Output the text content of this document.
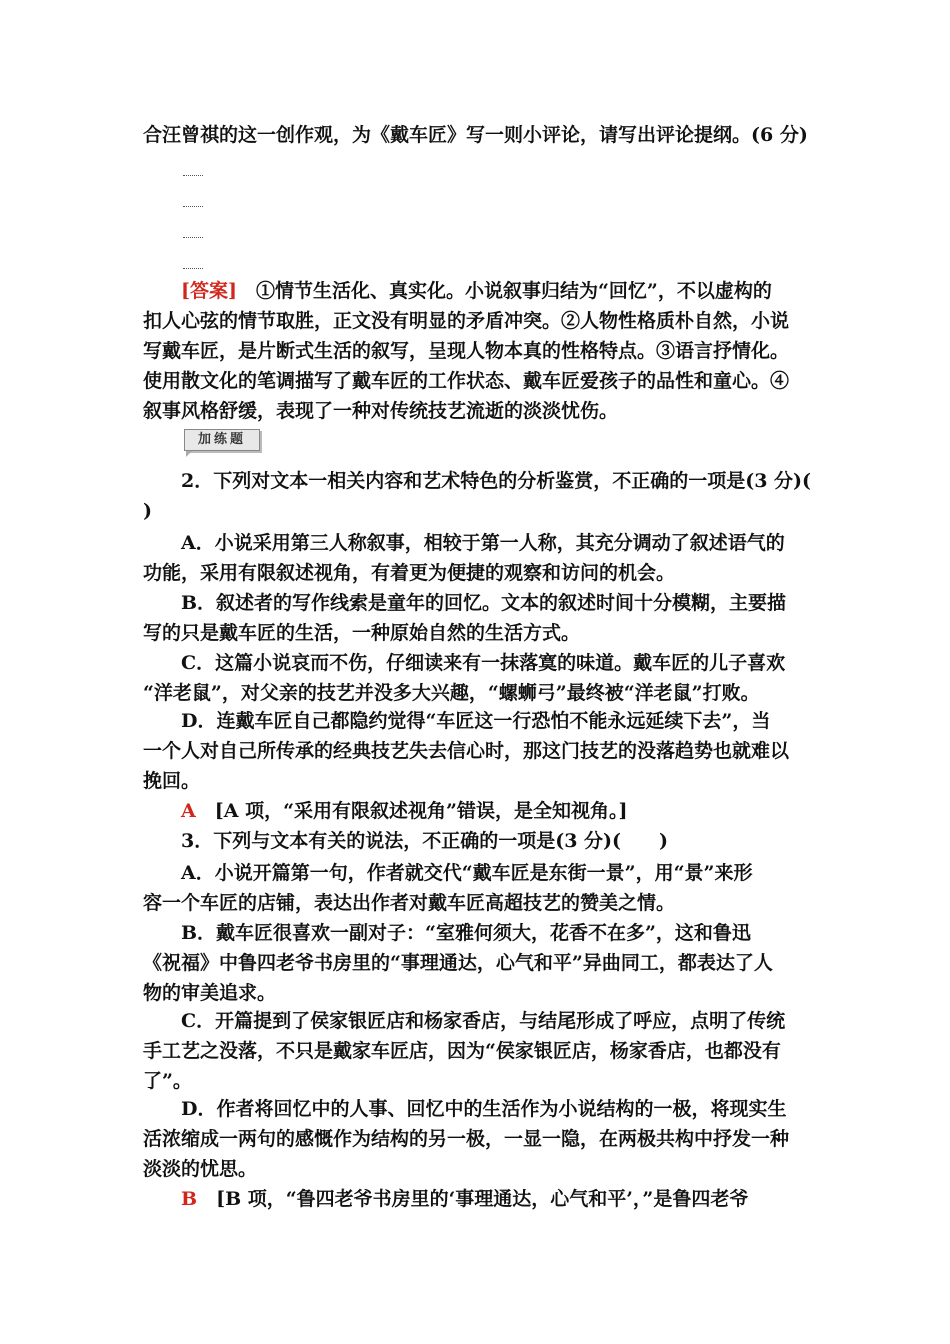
合汪曾祺的这一创作观，为《戴车匠》写一则小评论，请写出评论提纲。(6 分)
[答案]　 ①情节生活化、真实化。小说叙事归结为“回忆”，不以虚构的
扣人心弦的情节取胜，正文没有明显的矛盾冲突。②人物性格质朴自然，小说
写戴车匠，是片断式生活的叙写，呈现人物本真的性格特点。③语言抒情化。
使用散文化的笔调描写了戴车匠的工作状态、戴车匠爱孩子的品性和童心。④
叙事风格舒缓，表现了一种对传统技艺流逝的淡淡忧伤。
加练题
2．下列对文本一相关内容和艺术特色的分析鉴赏，不正确的一项是(3 分)(
)
A．小说采用第三人称叙事，相较于第一人称，其充分调动了叙述语气的
功能，采用有限叙述视角，有着更为便捷的观察和访问的机会。
B．叙述者的写作线索是童年的回忆。文本的叙述时间十分模糊，主要描
写的只是戴车匠的生活，一种原始自然的生活方式。
C．这篇小说哀而不伤，仔细读来有一抹落寞的味道。戴车匠的儿子喜欢
“洋老鼠”，对父亲的技艺并没多大兴趣，“螺蛳弓”最终被“洋老鼠”打败。
D．连戴车匠自己都隐约觉得“车匠这一行恐怕不能永远延续下去”，当
一个人对自己所传承的经典技艺失去信心时，那这门技艺的没落趋势也就难以
挽回。
A　 [A 项，“采用有限叙述视角”错误，是全知视角。]
3．下列与文本有关的说法，不正确的一项是(3 分)(　　)
A．小说开篇第一句，作者就交代“戴车匠是东街一景”，用“景”来形
容一个车匠的店铺，表达出作者对戴车匠高超技艺的赞美之情。
B．戴车匠很喜欢一副对子：“室雅何须大，花香不在多”，这和鲁迅
《祝福》中鲁四老爷书房里的“事理通达，心气和平”异曲同工，都表达了人
物的审美追求。
C．开篇提到了侯家银匠店和杨家香店，与结尾形成了呼应，点明了传统
手工艺之没落，不只是戴家车匠店，因为“侯家银匠店，杨家香店，也都没有
了”。
D．作者将回忆中的人事、回忆中的生活作为小说结构的一极，将现实生
活浓缩成一两句的感慨作为结构的另一极，一显一隐，在两极共构中抒发一种
淡淡的忧思。
B　 [B 项，“鲁四老爷书房里的‘事理通达，心气和平’，”是鲁四老爷
